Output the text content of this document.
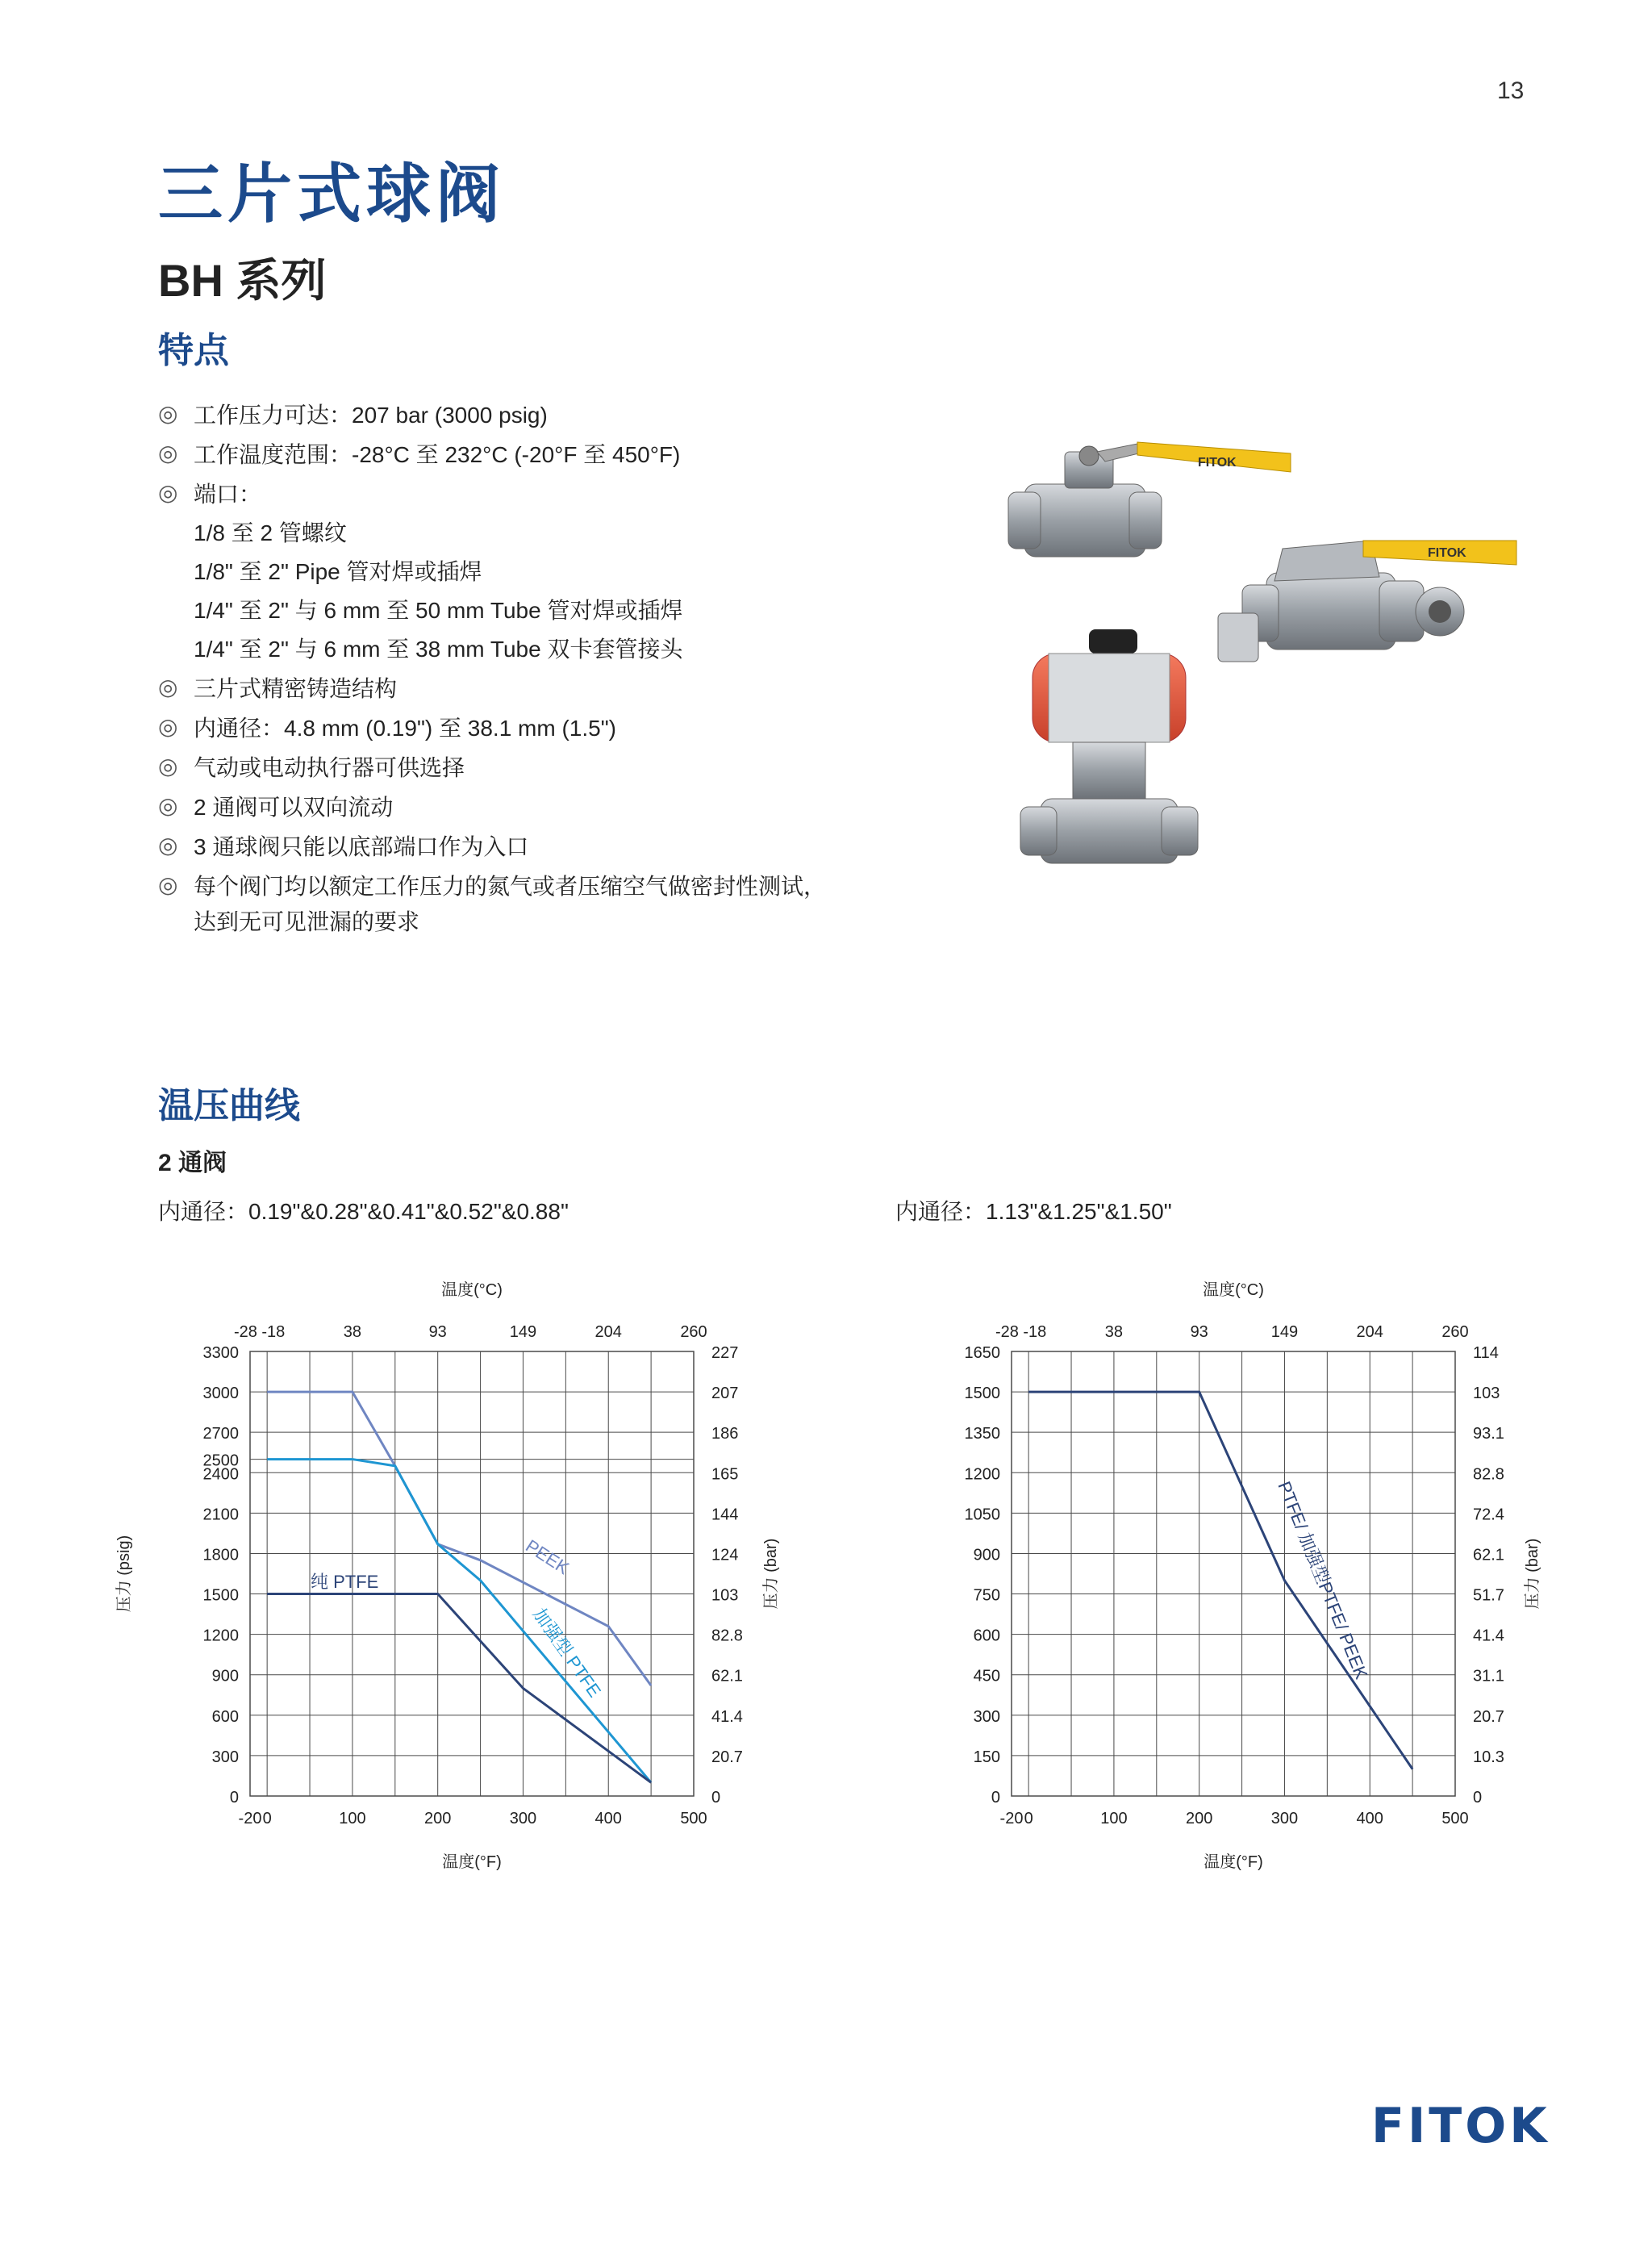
13
三片式球阀
BH 系列
特点
◎ 工作压力可达：207 bar (3000 psig)
◎ 工作温度范围：-28°C 至 232°C (-20°F 至 450°F)
◎ 端口：
1/8 至 2 管螺纹
1/8" 至 2" Pipe 管对焊或插焊
1/4" 至 2" 与 6 mm 至 50 mm Tube 管对焊或插焊
1/4" 至 2" 与 6 mm 至 38 mm Tube 双卡套管接头
◎ 三片式精密铸造结构
◎ 内通径：4.8 mm (0.19") 至 38.1 mm (1.5")
◎ 气动或电动执行器可供选择
◎ 2 通阀可以双向流动
◎ 3 通球阀只能以底部端口作为入口
◎ 每个阀门均以额定工作压力的氮气或者压缩空气做密封性测试，
达到无可见泄漏的要求
FITOK
FITOK
温压曲线
2 通阀
内通径：0.19"&0.28"&0.41"&0.52"&0.88"	内通径：1.13"&1.25"&1.50"
0
300
600
900
1200
1500
1800
2100
2400
2500
2700
3000
3300
0
20.7
41.4
62.1
82.8
103
124
144
165
186
207
227
-20 0	100	200	300	400	500
-28 -18	38	93	149	204	260
温度(°C)
温度(°F)
压力 (psig)	压力 (bar)
PEEK
加强型 PTFE
纯 PTFE
0
150
300
450
600
750
900
1050
1200
1350
1500
1650
0
10.3
20.7
31.1
41.4
51.7
62.1
72.4
82.8
93.1
103
114
-20 0	100	200	300	400	500
-28 -18	38	93	149	204	260
温度(°C)
温度(°F)
压力 (bar)
PTFE/ 加强型PTFE/ PEEK
FITOK
